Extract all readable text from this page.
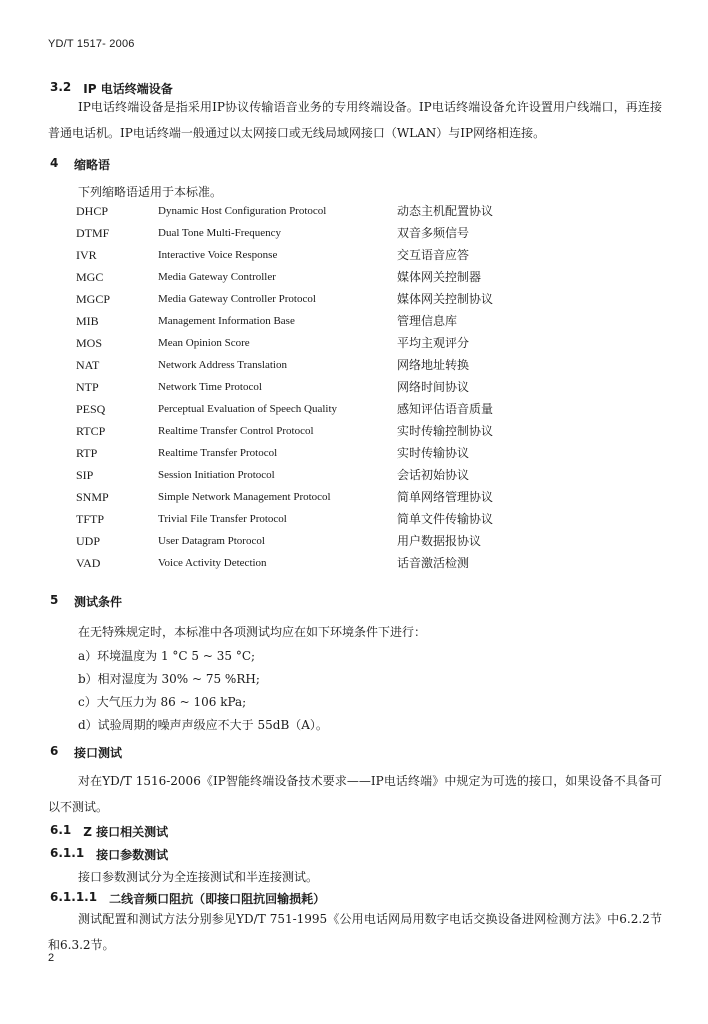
YD/T 1517- 2006
3.2 IP 电话终端设备
IP电话终端设备是指采用IP协议传输语音业务的专用终端设备。IP电话终端设备允许设置用户线端口，再连接普通电话机。IP电话终端一般通过以太网接口或无线局域网接口（WLAN）与IP网络相连接。
4	缩略语
下列缩略语适用于本标准。
DHCP	Dynamic Host Configuration Protocol	动态主机配置协议
DTMF	Dual Tone Multi-Frequency	双音多频信号
IVR	Interactive Voice Response	交互语音应答
MGC	Media Gateway Controller	媒体网关控制器
MGCP	Media Gateway Controller Protocol	媒体网关控制协议
MIB	Management Information Base	管理信息库
MOS	Mean Opinion Score	平均主观评分
NAT	Network Address Translation	网络地址转换
NTP	Network Time Protocol	网络时间协议
PESQ	Perceptual Evaluation of Speech Quality	感知评估语音质量
RTCP	Realtime Transfer Control Protocol	实时传输控制协议
RTP	Realtime Transfer Protocol	实时传输协议
SIP	Session Initiation Protocol	会话初始协议
SNMP	Simple Network Management Protocol	简单网络管理协议
TFTP	Trivial File Transfer Protocol	简单文件传输协议
UDP	User Datagram Ptorocol	用户数据报协议
VAD	Voice Activity Detection	话音激活检测
5	测试条件
在无特殊规定时，本标准中各项测试均应在如下环境条件下进行：
a）环境温度为 1 °C 5 ~ 35 °C;
b）相对湿度为 30% ~ 75 %RH;
c）大气压力为 86 ~ 106 kPa;
d）试验周期的噪声声级应不大于 55dB（A）。
6	接口测试
对在YD/T 1516-2006《IP智能终端设备技术要求——IP电话终端》中规定为可选的接口，如果设备不具备可以不测试。
6.1 Z 接口相关测试
6.1.1 接口参数测试
接口参数测试分为全连接测试和半连接测试。
6.1.1.1 二线音频口阻抗（即接口阻抗回输损耗）
测试配置和测试方法分别参见YD/T 751-1995《公用电话网局用数字电话交换设备进网检测方法》中6.2.2节和6.3.2节。
2
